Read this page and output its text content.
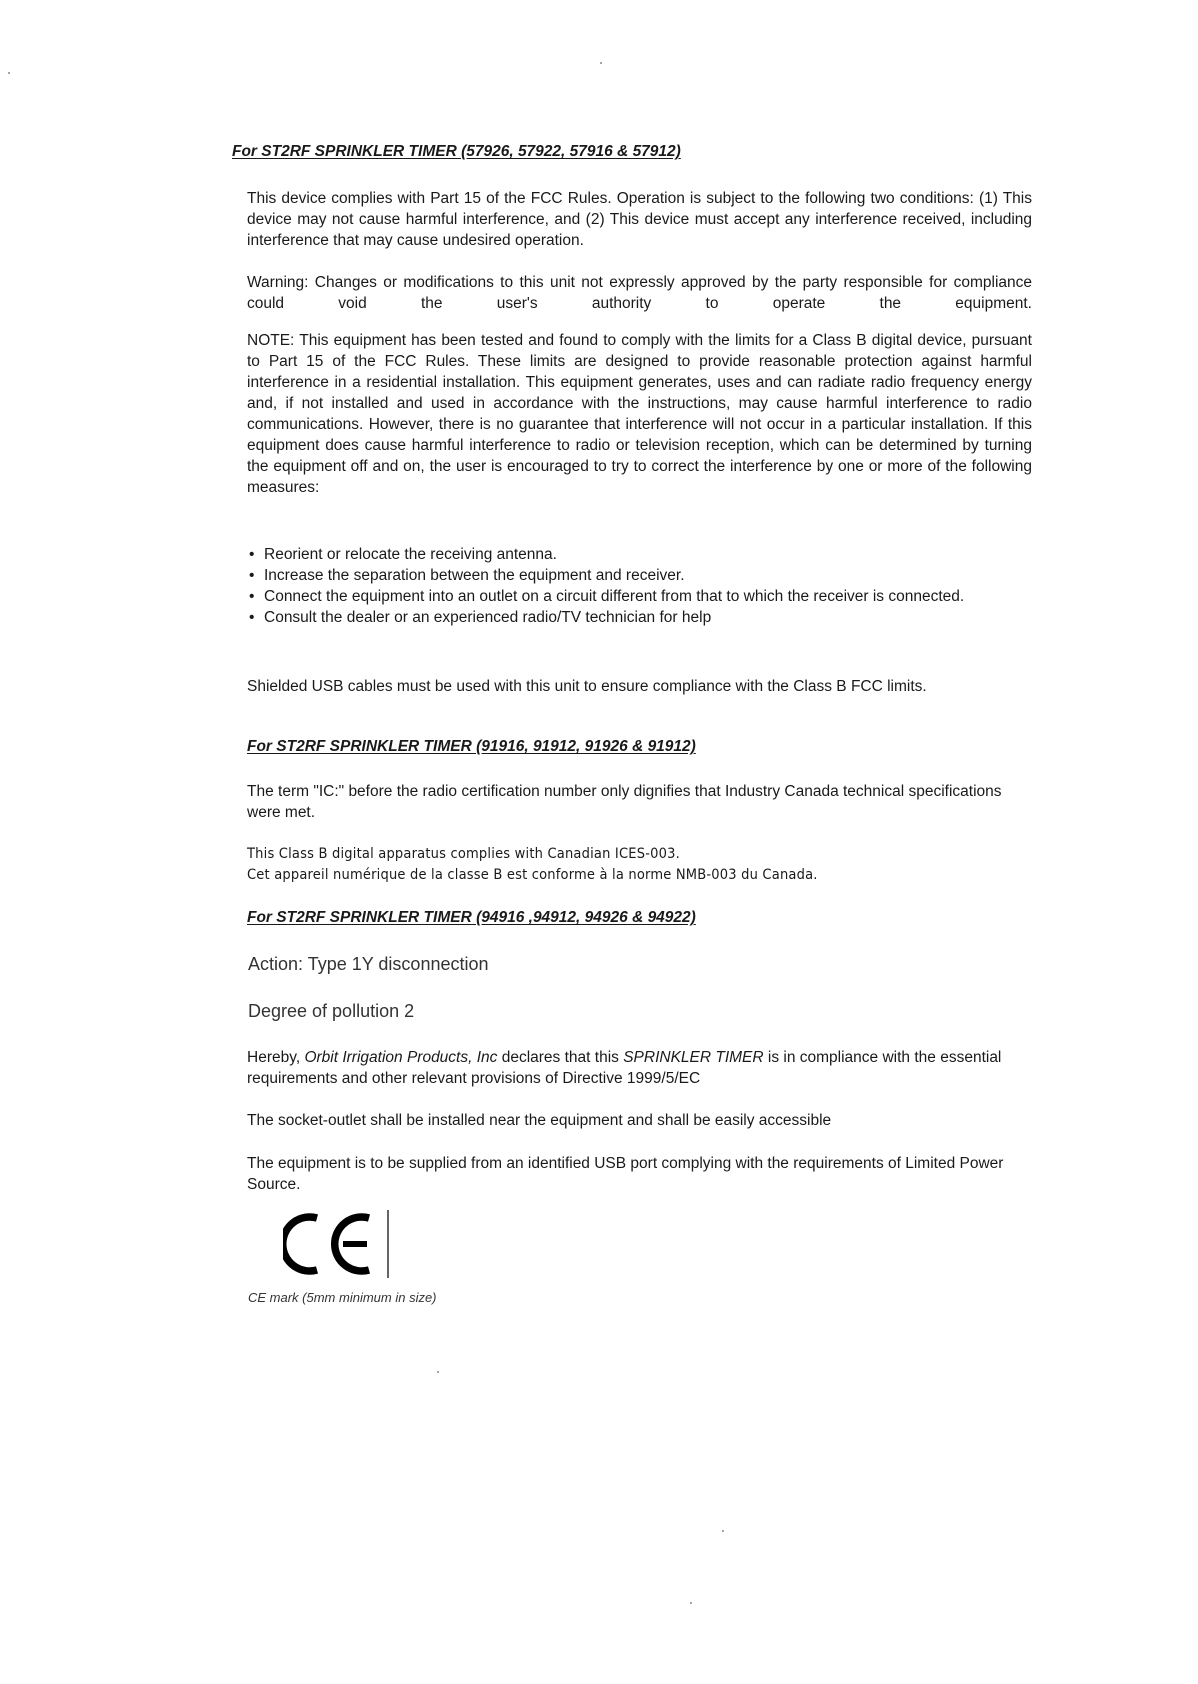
For ST2RF SPRINKLER TIMER (57926, 57922, 57916 & 57912)
This device complies with Part 15 of the FCC Rules. Operation is subject to the following two conditions: (1) This device may not cause harmful interference, and (2) This device must accept any interference received, including interference that may cause undesired operation.
Warning: Changes or modifications to this unit not expressly approved by the party responsible for compliance could void the user's authority to operate the equipment.
NOTE: This equipment has been tested and found to comply with the limits for a Class B digital device, pursuant to Part 15 of the FCC Rules. These limits are designed to provide reasonable protection against harmful interference in a residential installation. This equipment generates, uses and can radiate radio frequency energy and, if not installed and used in accordance with the instructions, may cause harmful interference to radio communications. However, there is no guarantee that interference will not occur in a particular installation. If this equipment does cause harmful interference to radio or television reception, which can be determined by turning the equipment off and on, the user is encouraged to try to correct the interference by one or more of the following measures:
• Reorient or relocate the receiving antenna.
• Increase the separation between the equipment and receiver.
• Connect the equipment into an outlet on a circuit different from that to which the receiver is connected.
• Consult the dealer or an experienced radio/TV technician for help
Shielded USB cables must be used with this unit to ensure compliance with the Class B FCC limits.
For ST2RF SPRINKLER TIMER (91916, 91912, 91926 & 91912)
The term "IC:" before the radio certification number only dignifies that Industry Canada technical specifications were met.
This Class B digital apparatus complies with Canadian ICES-003.
Cet appareil numérique de la classe B est conforme à la norme NMB-003 du Canada.
For ST2RF SPRINKLER TIMER (94916 ,94912, 94926 & 94922)
Action: Type 1Y disconnection
Degree of pollution 2
Hereby, Orbit Irrigation Products, Inc declares that this SPRINKLER TIMER is in compliance with the essential requirements and other relevant provisions of Directive 1999/5/EC
The socket-outlet shall be installed near the equipment and shall be easily accessible
The equipment is to be supplied from an identified USB port complying with the requirements of Limited Power Source.
CE mark (5mm minimum in size)
